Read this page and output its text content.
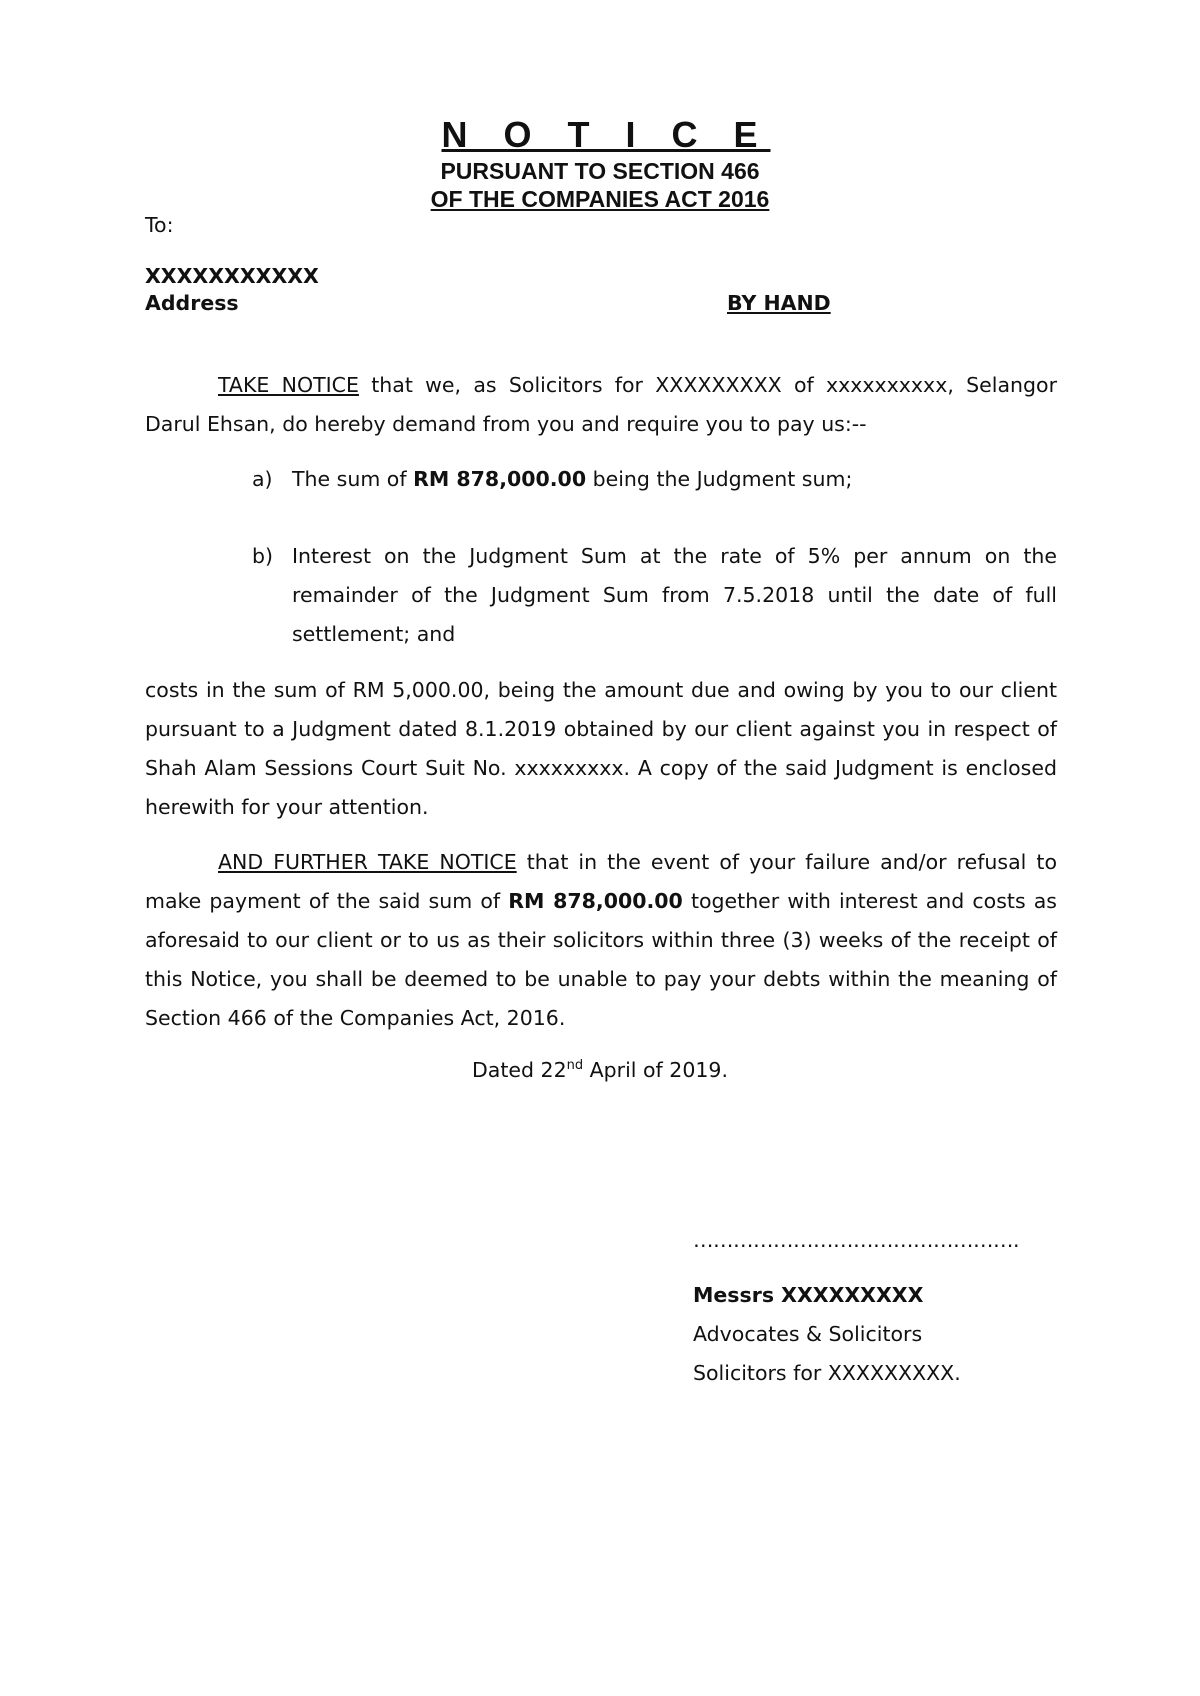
N O T I C E
PURSUANT TO SECTION 466
OF THE COMPANIES ACT 2016
To:
XXXXXXXXXXX
Address	BY HAND

TAKE NOTICE that we, as Solicitors for XXXXXXXXX of xxxxxxxxxx, Selangor Darul Ehsan, do hereby demand from you and require you to pay us:--

a) The sum of RM 878,000.00 being the Judgment sum;
b) Interest on the Judgment Sum at the rate of 5% per annum on the remainder of the Judgment Sum from 7.5.2018 until the date of full settlement; and

costs in the sum of RM 5,000.00, being the amount due and owing by you to our client pursuant to a Judgment dated 8.1.2019 obtained by our client against you in respect of Shah Alam Sessions Court Suit No. xxxxxxxxx. A copy of the said Judgment is enclosed herewith for your attention.

AND FURTHER TAKE NOTICE that in the event of your failure and/or refusal to make payment of the said sum of RM 878,000.00 together with interest and costs as aforesaid to our client or to us as their solicitors within three (3) weeks of the receipt of this Notice, you shall be deemed to be unable to pay your debts within the meaning of Section 466 of the Companies Act, 2016.

Dated 22nd April of 2019.
………………………………………….
Messrs XXXXXXXXX
Advocates & Solicitors
Solicitors for XXXXXXXXX.
